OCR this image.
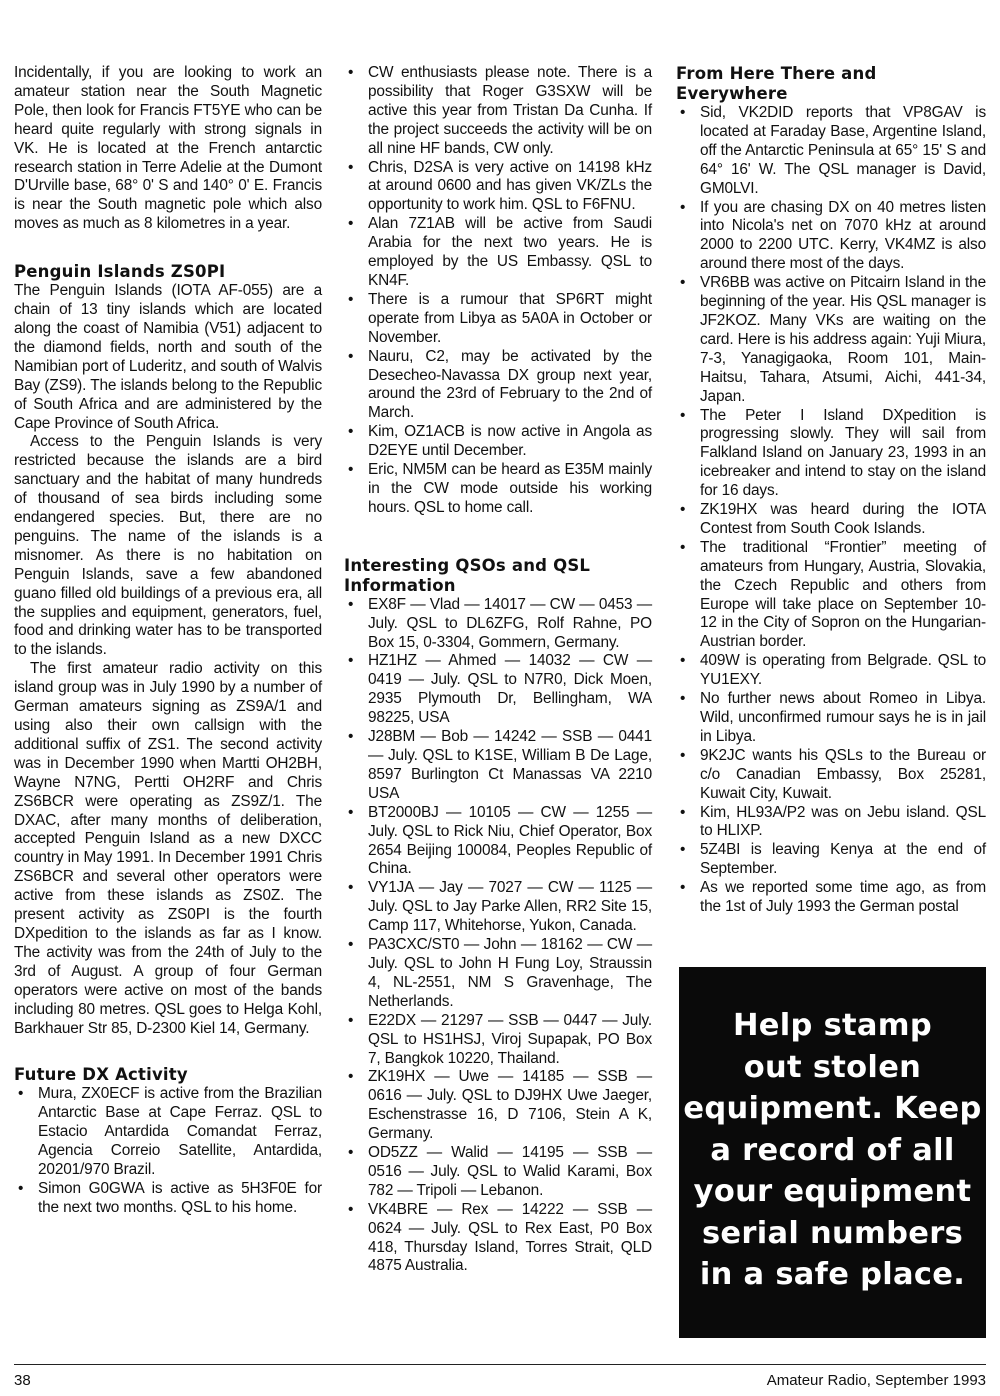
Incidentally, if you are looking to work an amateur station near the South Magnetic Pole, then look for Francis FT5YE who can be heard quite regularly with strong signals in VK. He is located at the French antarctic research station in Terre Adelie at the Dumont D'Urville base, 68° 0' S and 140° 0' E. Francis is near the South magnetic pole which also moves as much as 8 kilometres in a year.

Penguin Islands ZS0PI

The Penguin Islands (IOTA AF-055) are a chain of 13 tiny islands which are located along the coast of Namibia (V51) adjacent to the diamond fields, north and south of the Namibian port of Luderitz, and south of Walvis Bay (ZS9). The islands belong to the Republic of South Africa and are administered by the Cape Province of South Africa.

Access to the Penguin Islands is very restricted because the islands are a bird sanctuary and the habitat of many hundreds of thousand of sea birds including some endangered species. But, there are no penguins. The name of the islands is a misnomer. As there is no habitation on Penguin Islands, save a few abandoned guano filled old buildings of a previous era, all the supplies and equipment, generators, fuel, food and drinking water has to be transported to the islands.

The first amateur radio activity on this island group was in July 1990 by a number of German amateurs signing as ZS9A/1 and using also their own callsign with the additional suffix of ZS1. The second activity was in December 1990 when Martti OH2BH, Wayne N7NG, Pertti OH2RF and Chris ZS6BCR were operating as ZS9Z/1. The DXAC, after many months of deliberation, accepted Penguin Island as a new DXCC country in May 1991. In December 1991 Chris ZS6BCR and several other operators were active from these islands as ZS0Z. The present activity as ZS0PI is the fourth DXpedition to the islands as far as I know. The activity was from the 24th of July to the 3rd of August. A group of four German operators were active on most of the bands including 80 metres. QSL goes to Helga Kohl, Barkhauer Str 85, D-2300 Kiel 14, Germany.

Future DX Activity
• Mura, ZX0ECF is active from the Brazilian Antarctic Base at Cape Ferraz. QSL to Estacio Antardida Comandat Ferraz, Agencia Correio Satellite, Antardida, 20201/970 Brazil.
• Simon G0GWA is active as 5H3F0E for the next two months. QSL to his home.
• CW enthusiasts please note. There is a possibility that Roger G3SXW will be active this year from Tristan Da Cunha. If the project succeeds the activity will be on all nine HF bands, CW only.
• Chris, D2SA is very active on 14198 kHz at around 0600 and has given VK/ZLs the opportunity to work him. QSL to F6FNU.
• Alan 7Z1AB will be active from Saudi Arabia for the next two years. He is employed by the US Embassy. QSL to KN4F.
• There is a rumour that SP6RT might operate from Libya as 5A0A in October or November.
• Nauru, C2, may be activated by the Desecheo-Navassa DX group next year, around the 23rd of February to the 2nd of March.
• Kim, OZ1ACB is now active in Angola as D2EYE until December.
• Eric, NM5M can be heard as E35M mainly in the CW mode outside his working hours. QSL to home call.
Interesting QSOs and QSL
Information
• EX8F — Vlad — 14017 — CW — 0453 — July. QSL to DL6ZFG, Rolf Rahne, PO Box 15, 0-3304, Gommern, Germany.
• HZ1HZ — Ahmed — 14032 — CW — 0419 — July. QSL to N7R0, Dick Moen, 2935 Plymouth Dr, Bellingham, WA 98225, USA
• J28BM — Bob — 14242 — SSB — 0441 — July. QSL to K1SE, William B De Lage, 8597 Burlington Ct Manassas VA 2210 USA
• BT2000BJ — 10105 — CW — 1255 — July. QSL to Rick Niu, Chief Operator, Box 2654 Beijing 100084, Peoples Republic of China.
• VY1JA — Jay — 7027 — CW — 1125 — July. QSL to Jay Parke Allen, RR2 Site 15, Camp 117, Whitehorse, Yukon, Canada.
• PA3CXC/ST0 — John — 18162 — CW — July. QSL to John H Fung Loy, Straussin 4, NL-2551, NM S Gravenhage, The Netherlands.
• E22DX — 21297 — SSB — 0447 — July. QSL to HS1HSJ, Viroj Supapak, PO Box 7, Bangkok 10220, Thailand.
• ZK19HX — Uwe — 14185 — SSB — 0616 — July. QSL to DJ9HX Uwe Jaeger, Eschenstrasse 16, D 7106, Stein A K, Germany.
• OD5ZZ — Walid — 14195 — SSB — 0516 — July. QSL to Walid Karami, Box 782 — Tripoli — Lebanon.
• VK4BRE — Rex — 14222 — SSB — 0624 — July. QSL to Rex East, P0 Box 418, Thursday Island, Torres Strait, QLD 4875 Australia.
From Here There and
Everywhere
• Sid, VK2DID reports that VP8GAV is located at Faraday Base, Argentine Island, off the Antarctic Peninsula at 65° 15' S and 64° 16' W. The QSL manager is David, GM0LVI.
• If you are chasing DX on 40 metres listen into Nicola's net on 7070 kHz at around 2000 to 2200 UTC. Kerry, VK4MZ is also around there most of the days.
• VR6BB was active on Pitcairn Island in the beginning of the year. His QSL manager is JF2KOZ. Many VKs are waiting on the card. Here is his address again: Yuji Miura, 7-3, Yanagigaoka, Room 101, Main-Haitsu, Tahara, Atsumi, Aichi, 441-34, Japan.
• The Peter I Island DXpedition is progressing slowly. They will sail from Falkland Island on January 23, 1993 in an icebreaker and intend to stay on the island for 16 days.
• ZK19HX was heard during the IOTA Contest from South Cook Islands.
• The traditional “Frontier” meeting of amateurs from Hungary, Austria, Slovakia, the Czech Republic and others from Europe will take place on September 10-12 in the City of Sopron on the Hungarian-Austrian border.
• 409W is operating from Belgrade. QSL to YU1EXY.
• No further news about Romeo in Libya. Wild, unconfirmed rumour says he is in jail in Libya.
• 9K2JC wants his QSLs to the Bureau or c/o Canadian Embassy, Box 25281, Kuwait City, Kuwait.
• Kim, HL93A/P2 was on Jebu island. QSL to HLIXP.
• 5Z4BI is leaving Kenya at the end of September.
• As we reported some time ago, as from the 1st of July 1993 the German postal
Help stamp
out stolen
equipment. Keep
a record of all
your equipment
serial numbers
in a safe place.
38	Amateur Radio, September 1993
